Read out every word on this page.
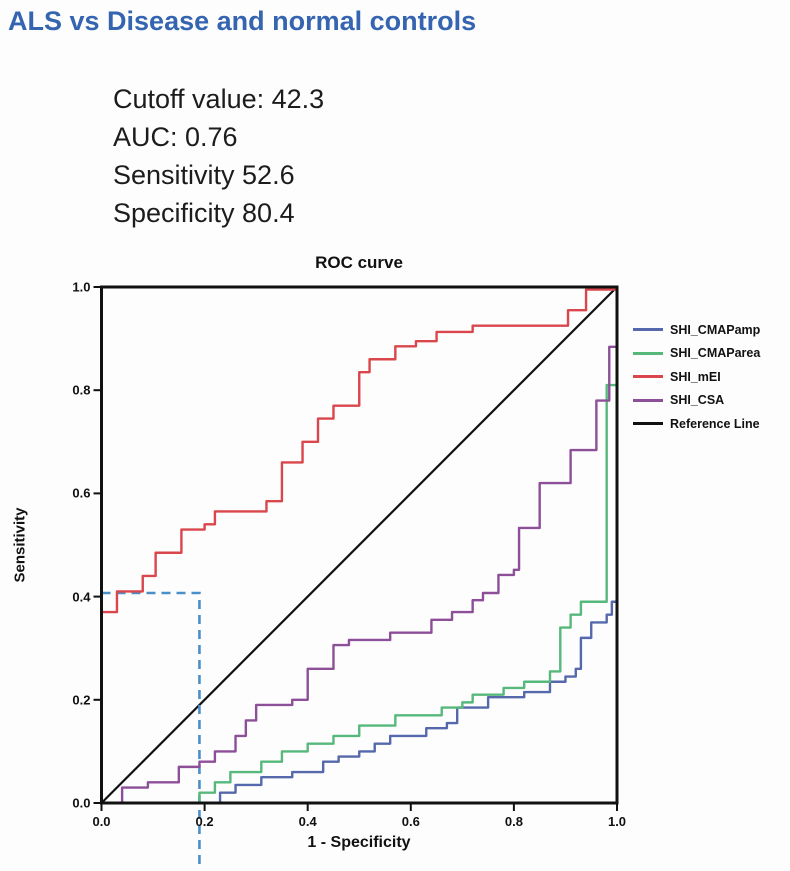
ALS vs Disease and normal controls
Cutoff value: 42.3
AUC: 0.76
Sensitivity 52.6
Specificity 80.4
ROC curve
Sensitivity
1 - Specificity
0.0	0.2	0.4	0.6	0.8	1.0
0.0
0.2
0.4
0.6
0.8
1.0
SHI_CMAPamp
SHI_CMAParea
SHI_mEI
SHI_CSA
Reference Line
